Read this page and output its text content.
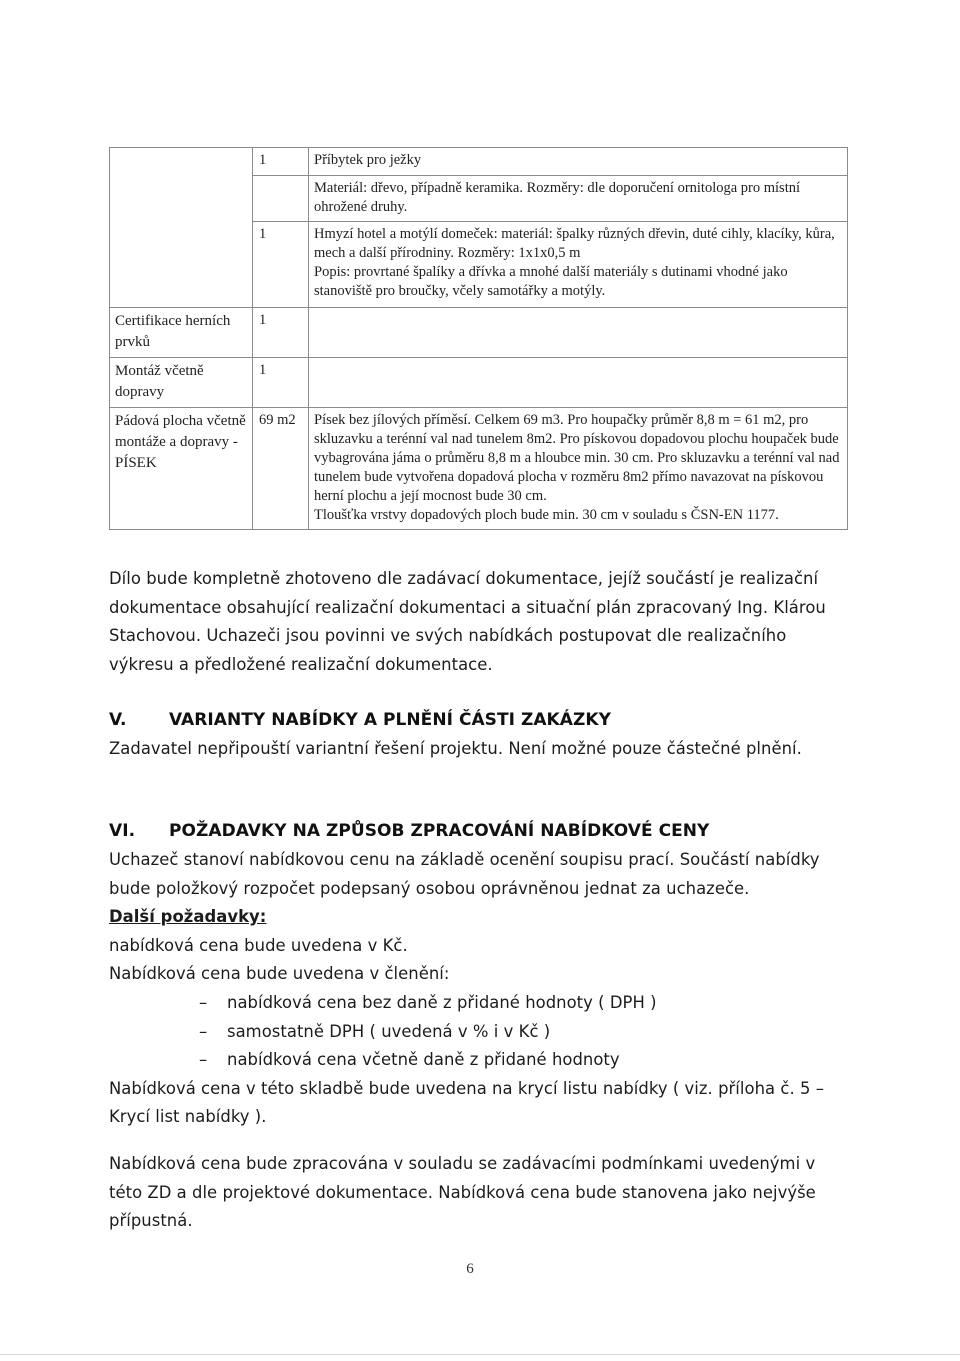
	1	Příbytek pro ježky
		Materiál: dřevo, případně keramika. Rozměry: dle doporučení ornitologa pro místní ohrožené druhy.
	1	Hmyzí hotel a motýlí domeček: materiál: špalky různých dřevin, duté cihly, klacíky, kůra, mech a další přírodniny. Rozměry: 1x1x0,5 m
Popis: provrtané špalíky a dřívka a mnohé další materiály s dutinami vhodné jako stanoviště pro broučky, včely samotářky a motýly.

Certifikace herních prvků	1	
Montáž včetně dopravy	1	
Pádová plocha včetně montáže a dopravy - PÍSEK	69 m2	Písek bez jílových příměsí. Celkem 69 m3. Pro houpačky průměr 8,8 m = 61 m2, pro skluzavku a terénní val nad tunelem 8m2. Pro pískovou dopadovou plochu houpaček bude vybagrována jáma o průměru 8,8 m a hloubce min. 30 cm. Pro skluzavku a terénní val nad tunelem bude vytvořena dopadová plocha v rozměru 8m2 přímo navazovat na pískovou herní plochu a její mocnost bude 30 cm.
Tloušťka vrstvy dopadových ploch bude min. 30 cm v souladu s ČSN-EN 1177.

Dílo bude kompletně zhotoveno dle zadávací dokumentace, jejíž součástí je realizační dokumentace obsahující realizační dokumentaci a situační plán zpracovaný Ing. Klárou Stachovou. Uchazeči jsou povinni ve svých nabídkách postupovat dle realizačního výkresu a předložené realizační dokumentace.

V.	VARIANTY NABÍDKY A PLNĚNÍ ČÁSTI ZAKÁZKY

Zadavatel nepřipouští variantní řešení projektu. Není možné pouze částečné plnění.

VI.	POŽADAVKY NA ZPŮSOB ZPRACOVÁNÍ NABÍDKOVÉ CENY

Uchazeč stanoví nabídkovou cenu na základě ocenění soupisu prací. Součástí nabídky bude položkový rozpočet podepsaný osobou oprávněnou jednat za uchazeče.

Další požadavky:

nabídková cena bude uvedena v Kč.

Nabídková cena bude uvedena v členění:

–	nabídková cena bez daně z přidané hodnoty ( DPH )
–	samostatně DPH ( uvedená v % i v Kč )
–	nabídková cena včetně daně z přidané hodnoty

Nabídková cena v této skladbě bude uvedena na krycí listu nabídky ( viz. příloha č. 5 – Krycí list nabídky ).

Nabídková cena bude zpracována v souladu se zadávacími podmínkami uvedenými v této ZD a dle projektové dokumentace. Nabídková cena bude stanovena jako nejvýše přípustná.

6
